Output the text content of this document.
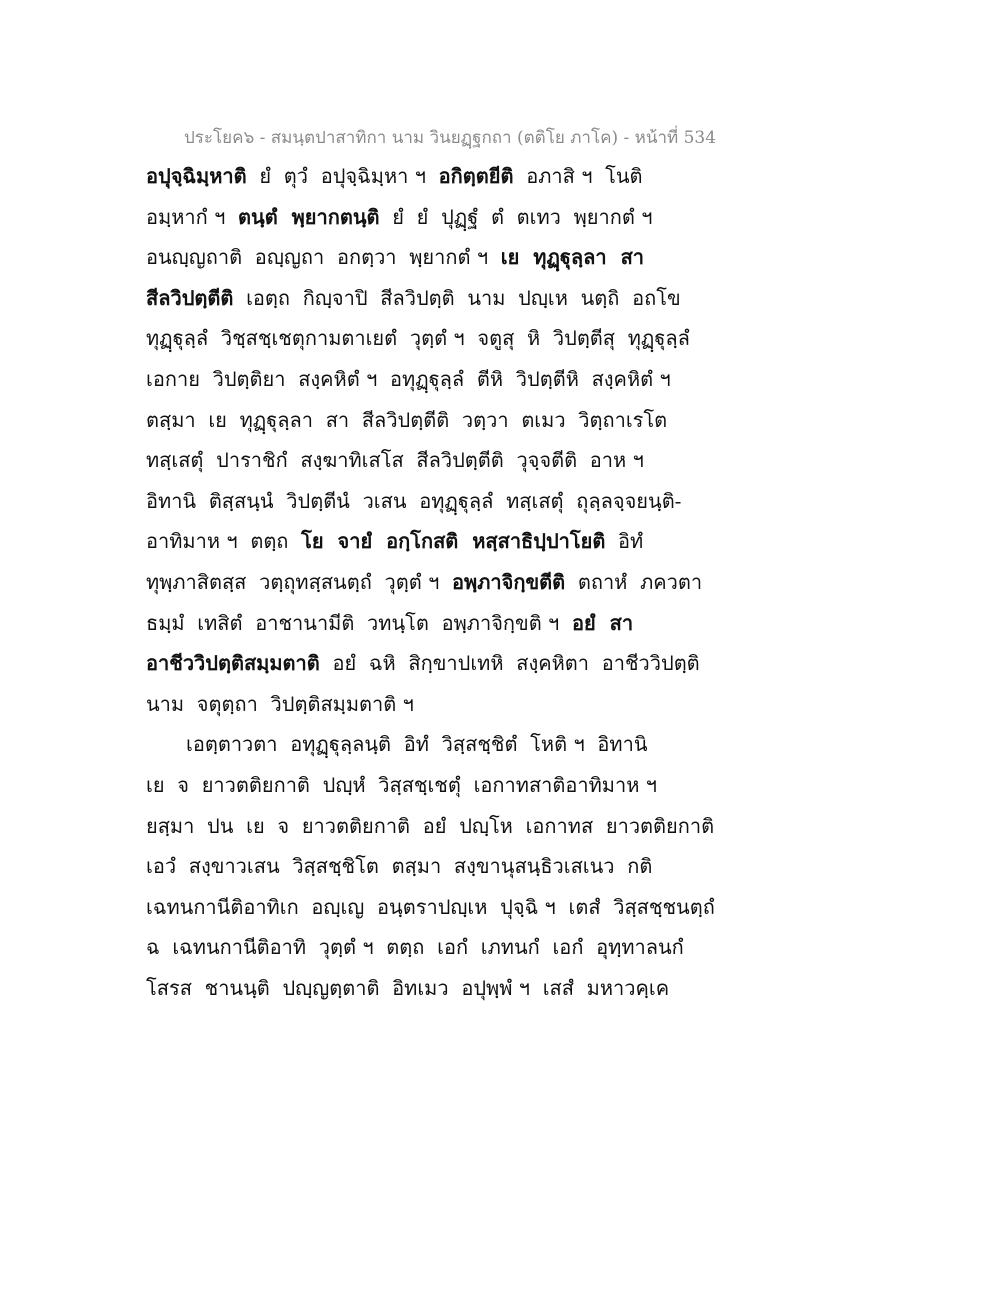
ประโยค๖ - สมนฺตปาสาทิกา นาม วินยฏฺฐกถา (ตติโย ภาโค) - หน้าที่ 534
อปุจฺฉิมฺหาติ  ยํ  ตุวํ  อปุจฺฉิมฺหา ฯ  อกิตฺตยีติ  อภาสิ ฯ  โนติ
อมฺหากํ ฯ  ตนฺตํ  พฺยากตนฺติ  ยํ  ยํ  ปุฏฺฐํ  ตํ  ตเทว  พฺยากตํ ฯ
อนญฺญถาติ  อญฺญถา  อกตฺวา  พฺยากตํ ฯ  เย  ทุฏฺฐุลฺลา  สา
สีลวิปตฺตีติ  เอตฺถ  กิญฺจาปิ  สีลวิปตฺติ  นาม  ปญฺเห  นตฺถิ  อถโข
ทุฏฺฐุลฺลํ  วิชฺสชฺเชตุกามตาเยตํ  วุตฺตํ ฯ  จตูสุ  หิ  วิปตฺตีสุ  ทุฏฺฐุลฺลํ
เอกาย  วิปตฺติยา  สงฺคหิตํ ฯ  อทุฏฺฐุลฺลํ  ตีหิ  วิปตฺตีหิ  สงฺคหิตํ ฯ
ตสฺมา  เย  ทุฏฺฐุลฺลา  สา  สีลวิปตฺตีติ  วตฺวา  ตเมว  วิตฺถาเรโต
ทสฺเสตุํ  ปาราชิกํ  สงฺฆาทิเสโส  สีลวิปตฺตีติ  วุจฺจตีติ  อาห ฯ
อิทานิ  ติสฺสนฺนํ  วิปตฺตีนํ  วเสน  อทุฏฺฐุลฺลํ  ทสฺเสตุํ  ถุลฺลจฺจยนฺติ-
อาทิมาห ฯ  ตตฺถ  โย  จายํ  อกฺโกสติ  หสฺสาธิปฺปาโยติ  อิทํ
ทุพฺภาสิตสฺส  วตฺถุทสฺสนตฺถํ  วุตฺตํ ฯ  อพฺภาจิกฺขตีติ  ตถาหํ  ภควตา
ธมฺมํ  เทสิตํ  อาชานามีติ  วทนฺโต  อพฺภาจิกฺขติ ฯ  อยํ  สา
อาชีววิปตฺติสมฺมตาติ  อยํ  ฉหิ  สิกฺขาปเทหิ  สงฺคหิตา  อาชีววิปตฺติ
นาม  จตุตฺถา  วิปตฺติสมฺมตาติ ฯ
เอตฺตาวตา  อทุฏฺฐุลฺลนฺติ  อิทํ  วิสฺสชฺชิตํ  โหติ ฯ  อิทานิ
เย  จ  ยาวตติยกาติ  ปญฺหํ  วิสฺสชฺเชตุํ  เอกาทสาติอาทิมาห ฯ
ยสฺมา  ปน  เย  จ  ยาวตติยกาติ  อยํ  ปญฺโห  เอกาทส  ยาวตติยกาติ
เอวํ  สงฺขาวเสน  วิสฺสชฺชิโต  ตสฺมา  สงฺขานุสนฺธิวเสเนว  กติ
เฉทนกานีติอาทิเก  อญฺเญ  อนฺตราปญฺเห  ปุจฺฉิ ฯ  เตสํ  วิสฺสชฺชนตฺถํ
ฉ  เฉทนกานีติอาทิ  วุตฺตํ ฯ  ตตฺถ  เอกํ  เภทนกํ  เอกํ  อุทฺทาลนกํ
โสรส  ชานนฺติ  ปญฺญตฺตาติ  อิทเมว  อปุพฺพํ ฯ  เสสํ  มหาวคฺเค
